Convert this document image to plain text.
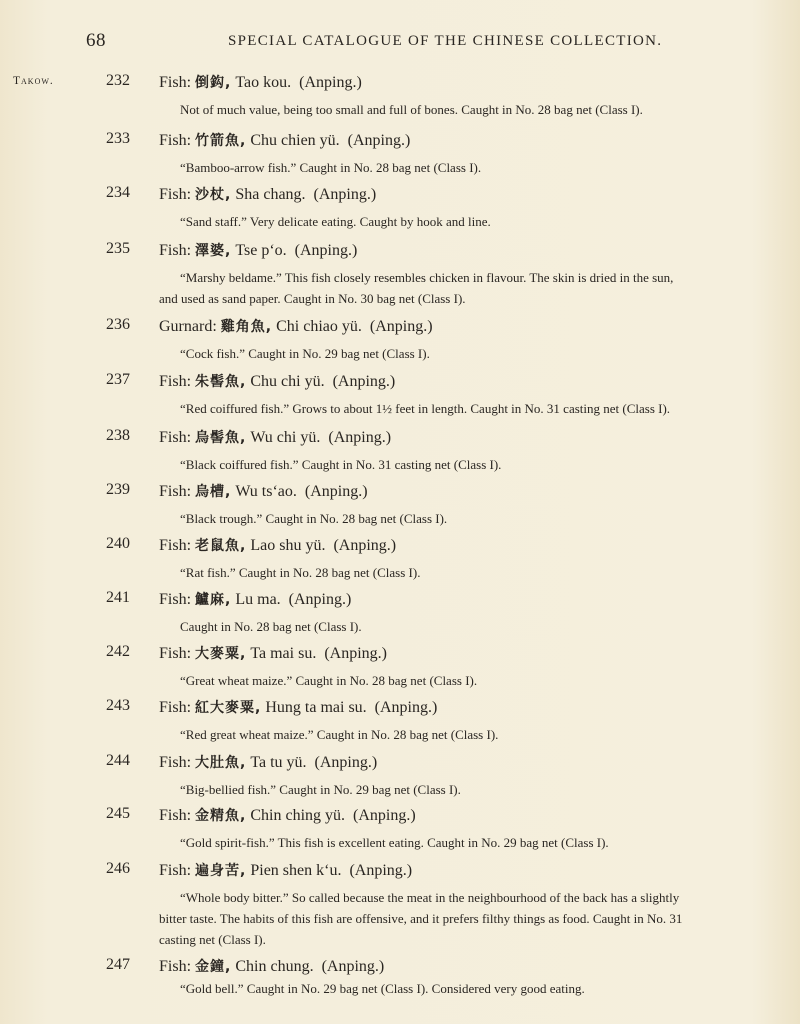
68	SPECIAL CATALOGUE OF THE CHINESE COLLECTION.
Takow.	232 Fish: 倒鈎, Tao kou. (Anping.)
Not of much value, being too small and full of bones. Caught in No. 28 bag net (Class I).
233 Fish: 竹箭魚, Chu chien yü. (Anping.)
“Bamboo-arrow fish.” Caught in No. 28 bag net (Class I).
234 Fish: 沙杖, Sha chang. (Anping.)
“Sand staff.” Very delicate eating. Caught by hook and line.
235 Fish: 澤婆, Tse p‘o. (Anping.)
“Marshy beldame.” This fish closely resembles chicken in flavour. The skin is dried in the sun,
and used as sand paper. Caught in No. 30 bag net (Class I).
236 Gurnard: 雞角魚, Chi chiao yü. (Anping.)
“Cock fish.” Caught in No. 29 bag net (Class I).
237 Fish: 朱髻魚, Chu chi yü. (Anping.)
“Red coiffured fish.” Grows to about 1½ feet in length. Caught in No. 31 casting net (Class I).
238 Fish: 烏髻魚, Wu chi yü. (Anping.)
“Black coiffured fish.” Caught in No. 31 casting net (Class I).
239 Fish: 烏槽, Wu ts‘ao. (Anping.)
“Black trough.” Caught in No. 28 bag net (Class I).
240 Fish: 老鼠魚, Lao shu yü. (Anping.)
“Rat fish.” Caught in No. 28 bag net (Class I).
241 Fish: 鱸麻, Lu ma. (Anping.)
Caught in No. 28 bag net (Class I).
242 Fish: 大麥粟, Ta mai su. (Anping.)
“Great wheat maize.” Caught in No. 28 bag net (Class I).
243 Fish: 紅大麥粟, Hung ta mai su. (Anping.)
“Red great wheat maize.” Caught in No. 28 bag net (Class I).
244 Fish: 大肚魚, Ta tu yü. (Anping.)
“Big-bellied fish.” Caught in No. 29 bag net (Class I).
245 Fish: 金精魚, Chin ching yü. (Anping.)
“Gold spirit-fish.” This fish is excellent eating. Caught in No. 29 bag net (Class I).
246 Fish: 遍身苦, Pien shen k‘u. (Anping.)
“Whole body bitter.” So called because the meat in the neighbourhood of the back has a slightly
bitter taste. The habits of this fish are offensive, and it prefers filthy things as food. Caught in No. 31
casting net (Class I).
247 Fish: 金鐘, Chin chung. (Anping.)
“Gold bell.” Caught in No. 29 bag net (Class I). Considered very good eating.
